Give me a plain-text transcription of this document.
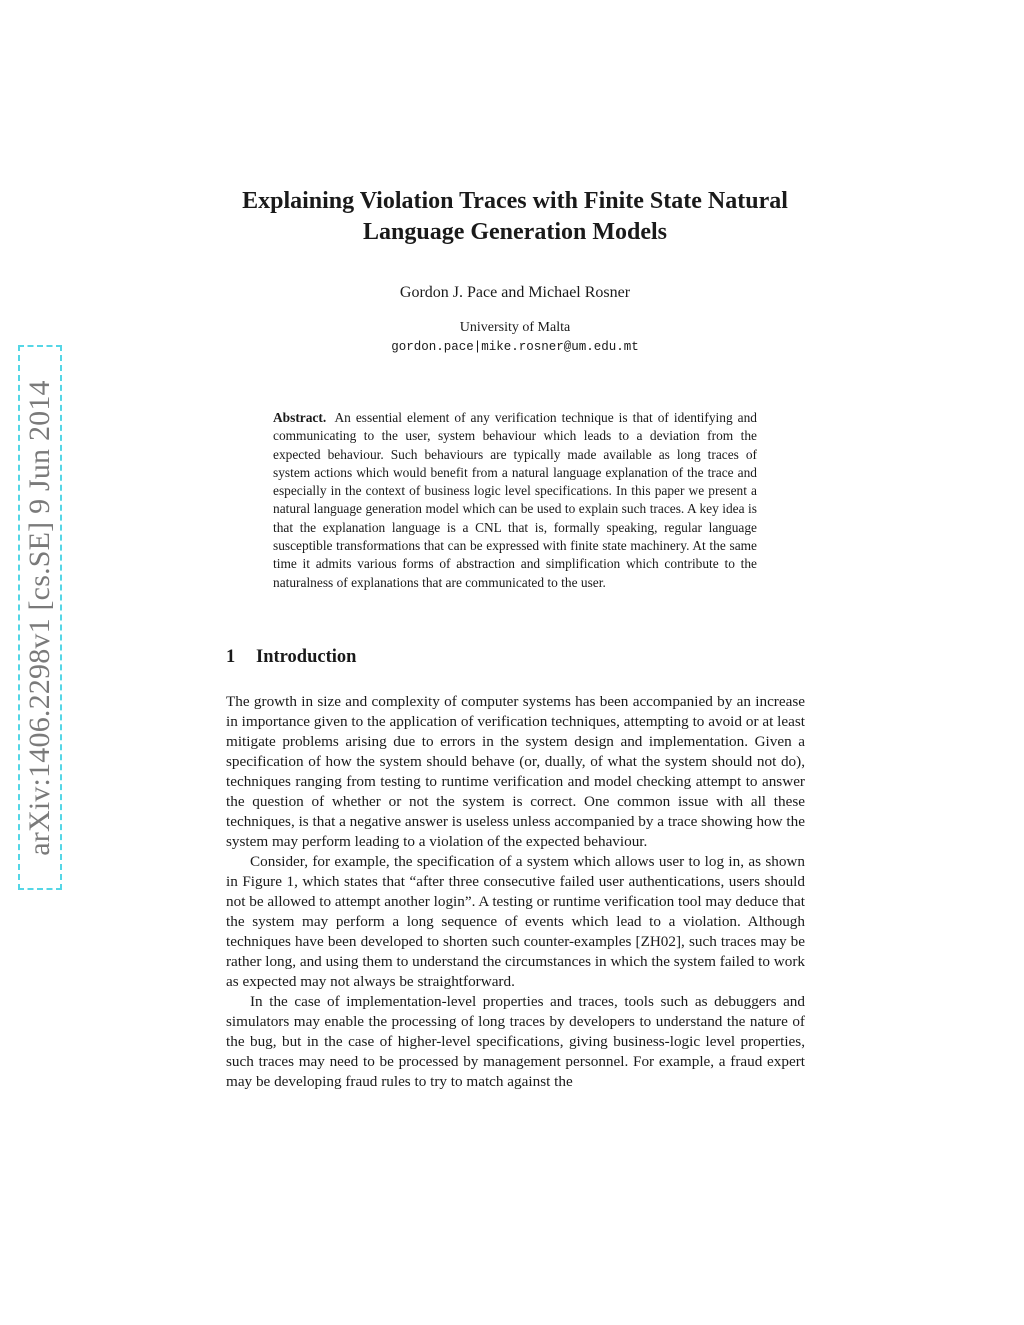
arXiv:1406.2298v1 [cs.SE] 9 Jun 2014
Explaining Violation Traces with Finite State Natural Language Generation Models
Gordon J. Pace and Michael Rosner
University of Malta
gordon.pace|mike.rosner@um.edu.mt

Abstract. An essential element of any verification technique is that of identifying and communicating to the user, system behaviour which leads to a deviation from the expected behaviour. Such behaviours are typically made available as long traces of system actions which would benefit from a natural language explanation of the trace and especially in the context of business logic level specifications. In this paper we present a natural language generation model which can be used to explain such traces. A key idea is that the explanation language is a CNL that is, formally speaking, regular language susceptible transformations that can be expressed with finite state machinery. At the same time it admits various forms of abstraction and simplification which contribute to the naturalness of explanations that are communicated to the user.

1 Introduction

The growth in size and complexity of computer systems has been accompanied by an increase in importance given to the application of verification techniques, attempting to avoid or at least mitigate problems arising due to errors in the system design and implementation. Given a specification of how the system should behave (or, dually, of what the system should not do), techniques ranging from testing to runtime verification and model checking attempt to answer the question of whether or not the system is correct. One common issue with all these techniques, is that a negative answer is useless unless accompanied by a trace showing how the system may perform leading to a violation of the expected behaviour.

Consider, for example, the specification of a system which allows user to log in, as shown in Figure 1, which states that “after three consecutive failed user authentications, users should not be allowed to attempt another login”. A testing or runtime verification tool may deduce that the system may perform a long sequence of events which lead to a violation. Although techniques have been developed to shorten such counter-examples [ZH02], such traces may be rather long, and using them to understand the circumstances in which the system failed to work as expected may not always be straightforward.

In the case of implementation-level properties and traces, tools such as debuggers and simulators may enable the processing of long traces by developers to understand the nature of the bug, but in the case of higher-level specifications, giving business-logic level properties, such traces may need to be processed by management personnel. For example, a fraud expert may be developing fraud rules to try to match against the
